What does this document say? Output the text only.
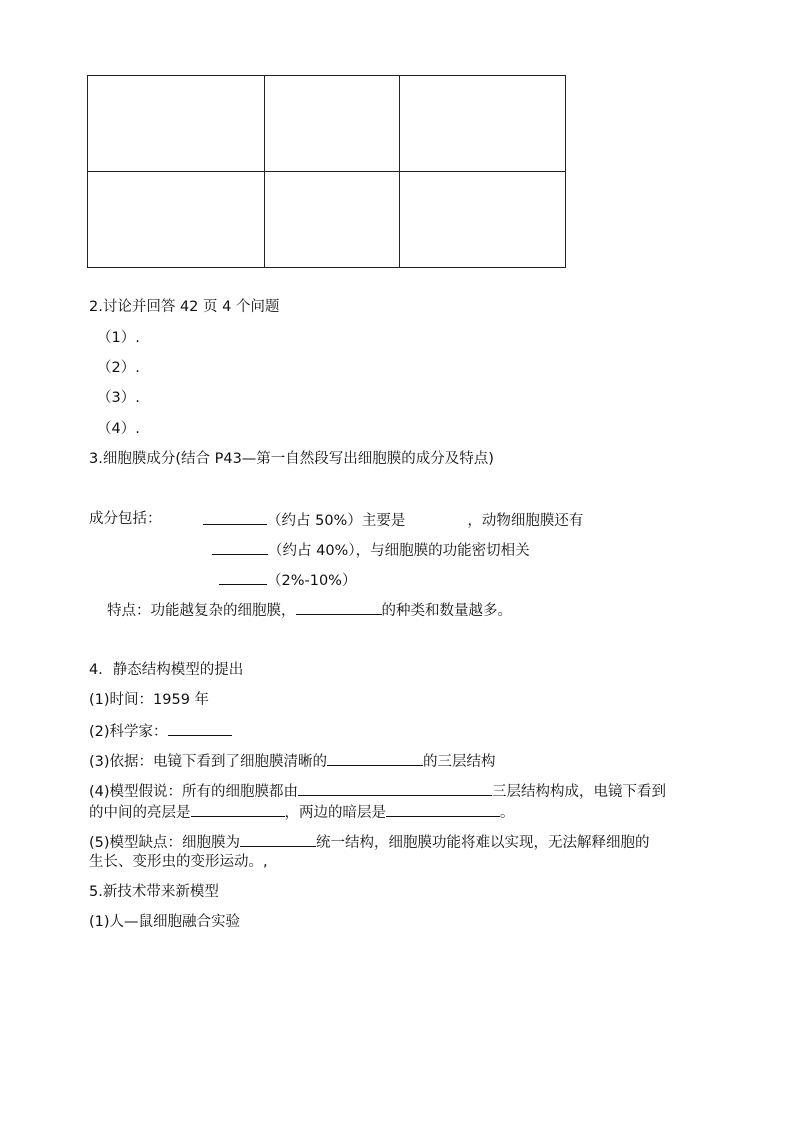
2.讨论并回答 42 页 4 个问题
（1）.
（2）.
（3）.
（4）.
3.细胞膜成分(结合 P43—第一自然段写出细胞膜的成分及特点)
成分包括：	（约占 50%）主要是	，动物细胞膜还有
（约占 40%），与细胞膜的功能密切相关
（2%-10%）
特点：功能越复杂的细胞膜，	的种类和数量越多。
4．静态结构模型的提出
(1)时间：1959 年
(2)科学家：
(3)依据：电镜下看到了细胞膜清晰的	的三层结构
(4)模型假说：所有的细胞膜都由	三层结构构成，电镜下看到
的中间的亮层是	，两边的暗层是	。
(5)模型缺点：细胞膜为	统一结构，细胞膜功能将难以实现，无法解释细胞的
生长、变形虫的变形运动。,
5.新技术带来新模型
(1)人—鼠细胞融合实验
